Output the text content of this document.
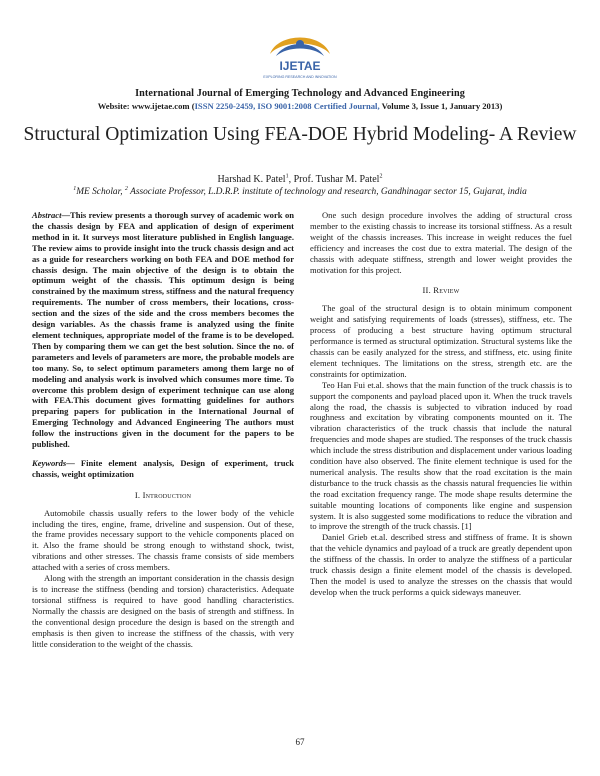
IJETAE
EXPLORING RESEARCH AND INNOVATION
International Journal of Emerging Technology and Advanced Engineering
Website: www.ijetae.com (ISSN 2250-2459, ISO 9001:2008 Certified Journal, Volume 3, Issue 1, January 2013)
Structural Optimization Using FEA-DOE Hybrid Modeling- A Review
Harshad K. Patel$^1$, Prof. Tushar M. Patel$^2$
$^1$ME Scholar, $^2$ Associate Professor, L.D.R.P. institute of technology and research, Gandhinagar sector 15, Gujarat, india

Abstract—This review presents a thorough survey of academic work on the chassis design by FEA and application of design of experiment method in it. It surveys most literature published in English language. The review aims to provide insight into the truck chassis design and act as a guide for researchers working on both FEA and DOE method for chassis design. The main objective of the design is to obtain the optimum weight of the chassis. This optimum design is being constrained by the maximum stress, stiffness and the natural frequency requirements. The number of cross members, their locations, cross-section and the sizes of the side and the cross members becomes the design variables. As the chassis frame is analyzed using the finite element techniques, appropriate model of the frame is to be developed. Then by comparing them we can get the best solution. Since the no. of parameters and levels of parameters are more, the probable models are too many. So, to select optimum parameters among them large no of modeling and analysis work is involved which consumes more time. To overcome this problem design of experiment technique can use along with FEA.This document gives formatting guidelines for authors preparing papers for publication in the International Journal of Emerging Technology and Advanced Engineering The authors must follow the instructions given in the document for the papers to be published.

Keywords— Finite element analysis, Design of experiment, truck chassis, weight optimization

I. Introduction

Automobile chassis usually refers to the lower body of the vehicle including the tires, engine, frame, driveline and suspension. Out of these, the frame provides necessary support to the vehicle components placed on it. Also the frame should be strong enough to withstand shock, twist, vibrations and other stresses. The chassis frame consists of side members attached with a series of cross members.

Along with the strength an important consideration in the chassis design is to increase the stiffness (bending and torsion) characteristics. Adequate torsional stiffness is required to have good handling characteristics. Normally the chassis are designed on the basis of strength and stiffness. In the conventional design procedure the design is based on the strength and emphasis is then given to increase the stiffness of the chassis, with very little consideration to the weight of the chassis.

One such design procedure involves the adding of structural cross member to the existing chassis to increase its torsional stiffness. As a result weight of the chassis increases. This increase in weight reduces the fuel efficiency and increases the cost due to extra material. The design of the chassis with adequate stiffness, strength and lower weight provides the motivation for this project.

II. Review

The goal of the structural design is to obtain minimum component weight and satisfying requirements of loads (stresses), stiffness, etc. The process of producing a best structure having optimum structural performance is termed as structural optimization. Structural systems like the chassis can be easily analyzed for the stress, and stiffness, etc. using finite element techniques. The limitations on the stress, strength etc. are the constraints for optimization.

Teo Han Fui et.al. shows that the main function of the truck chassis is to support the components and payload placed upon it. When the truck travels along the road, the chassis is subjected to vibration induced by road roughness and excitation by vibrating components mounted on it. The vibration characteristics of the truck chassis that include the natural frequencies and mode shapes are studied. The responses of the truck chassis which include the stress distribution and displacement under various loading condition have also observed. The finite element technique is used for the numerical analysis. The results show that the road excitation is the main disturbance to the truck chassis as the chassis natural frequencies lie within the road excitation frequency range. The mode shape results determine the suitable mounting locations of components like engine and suspension system. It is also suggested some modifications to reduce the vibration and to improve the strength of the truck chassis. [1]

Daniel Grieb et.al. described stress and stiffness of frame. It is shown that the vehicle dynamics and payload of a truck are greatly dependent upon the stiffness of the chassis. In order to analyze the stiffness of a particular truck chassis design a finite element model of the chassis is developed. Then the model is used to analyze the stresses on the chassis that would develop when the truck performs a quick sideways maneuver.

67
